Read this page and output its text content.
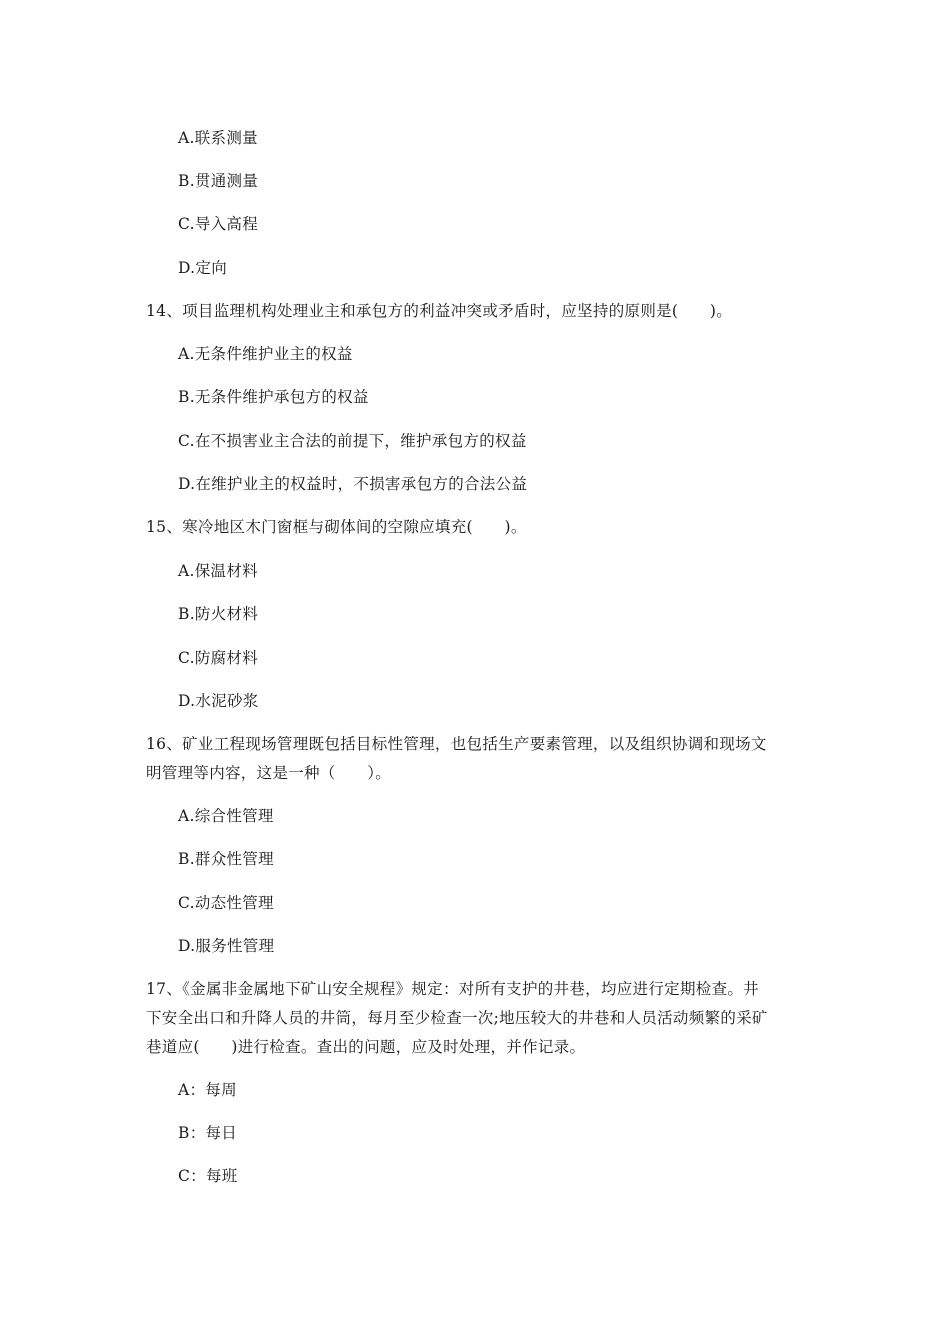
A.联系测量
B.贯通测量
C.导入高程
D.定向
14、项目监理机构处理业主和承包方的利益冲突或矛盾时，应坚持的原则是(　　)。
A.无条件维护业主的权益
B.无条件维护承包方的权益
C.在不损害业主合法的前提下，维护承包方的权益
D.在维护业主的权益时，不损害承包方的合法公益
15、寒冷地区木门窗框与砌体间的空隙应填充(　　)。
A.保温材料
B.防火材料
C.防腐材料
D.水泥砂浆
16、矿业工程现场管理既包括目标性管理，也包括生产要素管理，以及组织协调和现场文
明管理等内容，这是一种（　　）。
A.综合性管理
B.群众性管理
C.动态性管理
D.服务性管理
17、《金属非金属地下矿山安全规程》规定：对所有支护的井巷，均应进行定期检查。井
下安全出口和升降人员的井筒，每月至少检查一次;地压较大的井巷和人员活动频繁的采矿
巷道应(　　)进行检查。查出的问题，应及时处理，并作记录。
A：每周
B：每日
C：每班
